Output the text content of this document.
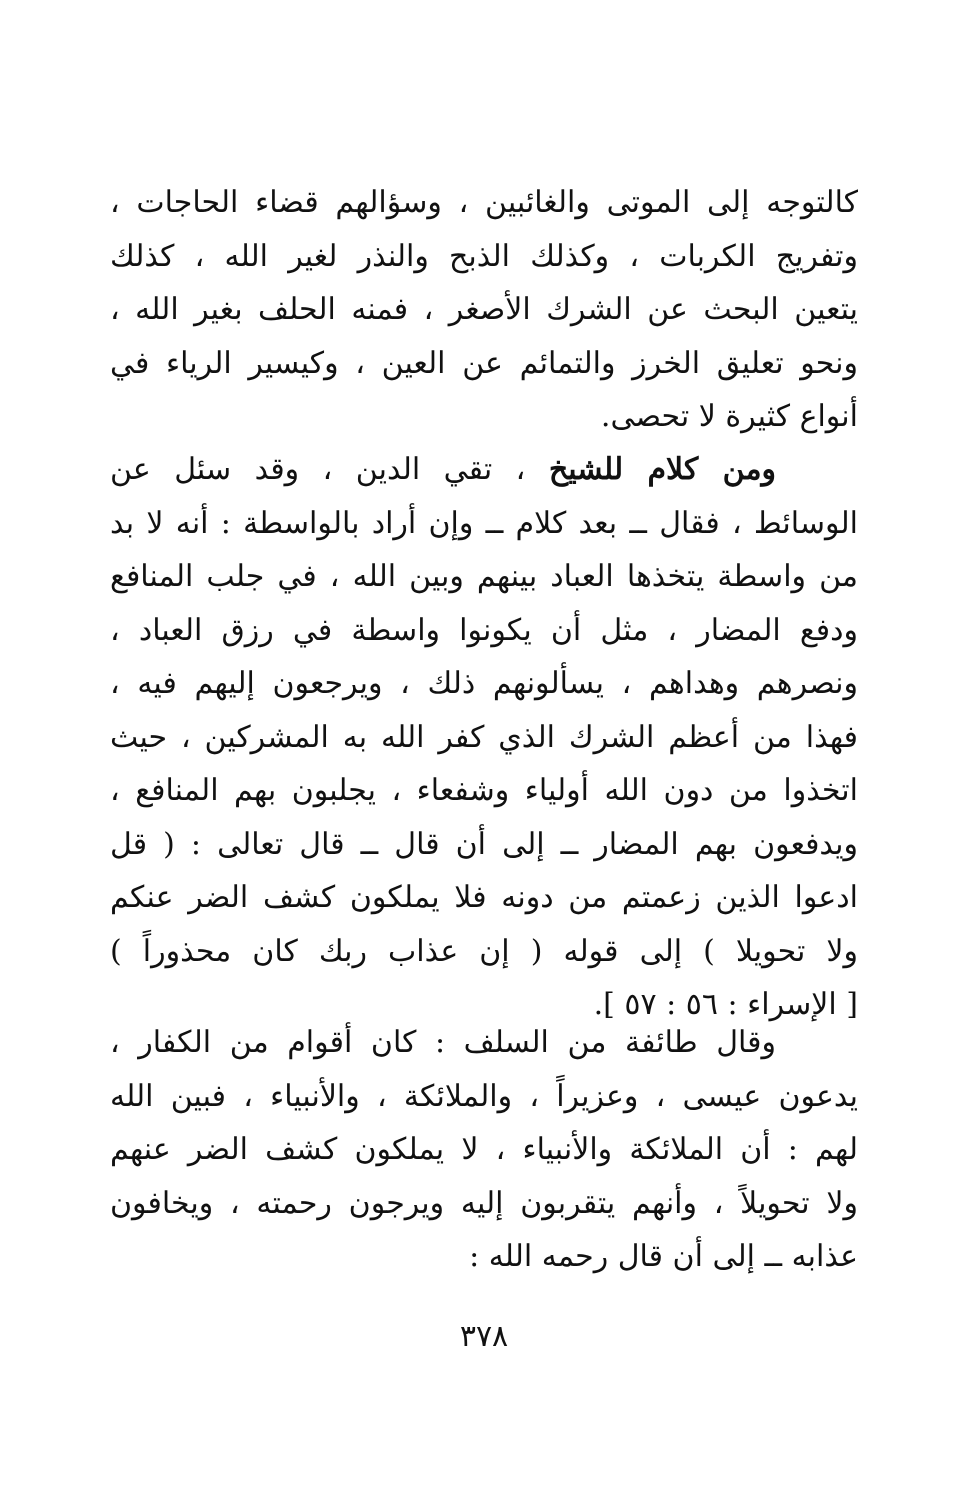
كالتوجه إلى الموتى والغائبين ، وسؤالهم قضاء الحاجات ،
وتفريج الكربات ، وكذلك الذبح والنذر لغير الله ، كذلك
يتعين البحث عن الشرك الأصغر ، فمنه الحلف بغير الله ،
ونحو تعليق الخرز والتمائم عن العين ، وكيسير الرياء في
أنواع كثيرة لا تحصى.
ومن كلام للشيخ ، تقي الدين ، وقد سئل عن
الوسائط ، فقال ــ بعد كلام ــ وإن أراد بالواسطة : أنه لا بد
من واسطة يتخذها العباد بينهم وبين الله ، في جلب المنافع
ودفع المضار ، مثل أن يكونوا واسطة في رزق العباد ،
ونصرهم وهداهم ، يسألونهم ذلك ، ويرجعون إليهم فيه ،
فهذا من أعظم الشرك الذي كفر الله به المشركين ، حيث
اتخذوا من دون الله أولياء وشفعاء ، يجلبون بهم المنافع ،
ويدفعون بهم المضار ــ إلى أن قال ــ قال تعالى : ( قل
ادعوا الذين زعمتم من دونه فلا يملكون كشف الضر عنكم
ولا تحويلا ) إلى قوله ( إن عذاب ربك كان محذوراً )
[ الإسراء : ٥٦ : ٥٧ ].
وقال طائفة من السلف : كان أقوام من الكفار ،
يدعون عيسى ، وعزيراً ، والملائكة ، والأنبياء ، فبين الله
لهم : أن الملائكة والأنبياء ، لا يملكون كشف الضر عنهم
ولا تحويلاً ، وأنهم يتقربون إليه ويرجون رحمته ، ويخافون
عذابه ــ إلى أن قال رحمه الله :
٣٧٨
